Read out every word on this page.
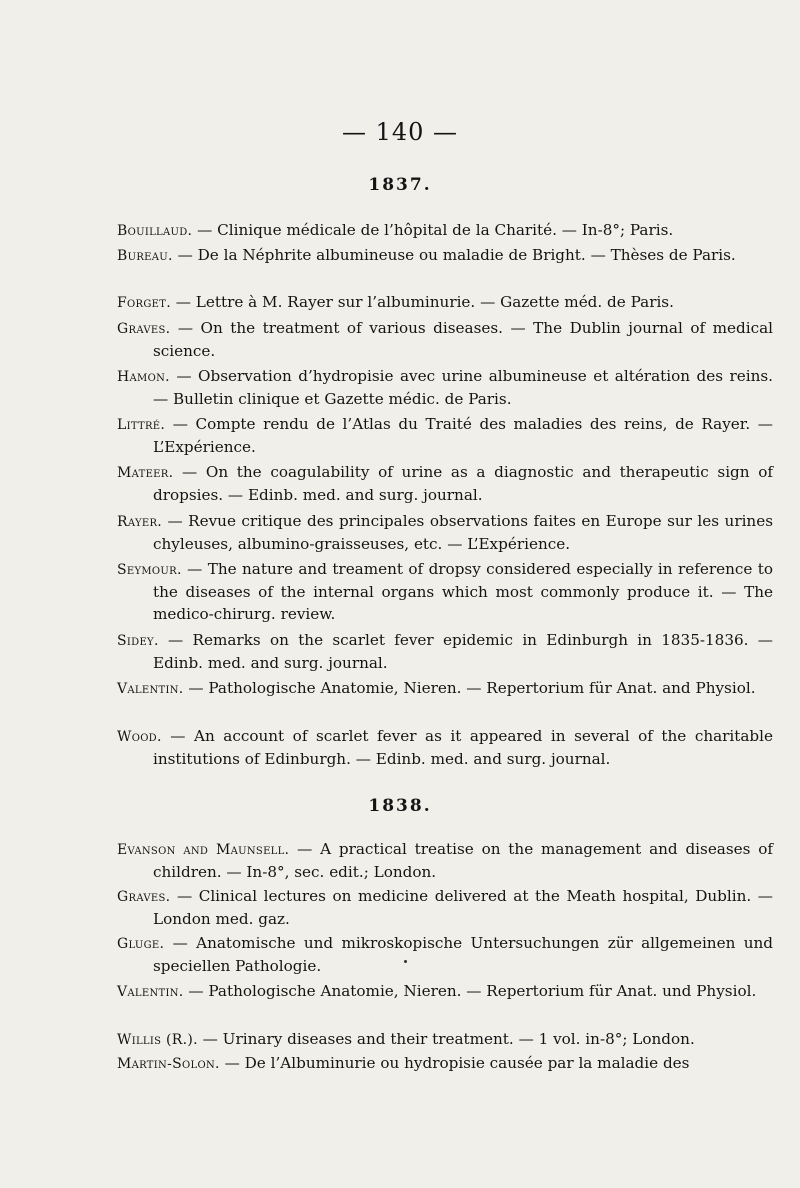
— 140 —
1837.
Bouillaud. — Clinique médicale de l’hôpital de la Charité. — In-8°; Paris.
Bureau. — De la Néphrite albumineuse ou maladie de Bright. — Thèses de Paris.
Forget. — Lettre à M. Rayer sur l’albuminurie. — Gazette méd. de Paris.
Graves. — On the treatment of various diseases. — The Dublin journal of medical science.
Hamon. — Observation d’hydropisie avec urine albumineuse et altération des reins. — Bulletin clinique et Gazette médic. de Paris.
Littré. — Compte rendu de l’Atlas du Traité des maladies des reins, de Rayer. — L’Expérience.
Mateer. — On the coagulability of urine as a diagnostic and therapeutic sign of dropsies. — Edinb. med. and surg. journal.
Rayer. — Revue critique des principales observations faites en Europe sur les urines chyleuses, albumino-graisseuses, etc. — L’Expérience.
Seymour. — The nature and treament of dropsy considered especially in reference to the diseases of the internal organs which most commonly produce it. — The medico-chirurg. review.
Sidey. — Remarks on the scarlet fever epidemic in Edinburgh in 1835-1836. — Edinb. med. and surg. journal.
Valentin. — Pathologische Anatomie, Nieren. — Repertorium für Anat. and Physiol.
Wood. — An account of scarlet fever as it appeared in several of the charitable institutions of Edinburgh. — Edinb. med. and surg. journal.
1838.
Evanson and Maunsell. — A practical treatise on the management and diseases of children. — In-8°, sec. edit.; London.
Graves. — Clinical lectures on medicine delivered at the Meath hospital, Dublin. — London med. gaz.
Gluge. — Anatomische und mikroskopische Untersuchungen zür allgemeinen und speciellen Pathologie.
Valentin. — Pathologische Anatomie, Nieren. — Repertorium für Anat. und Physiol.
Willis (R.). — Urinary diseases and their treatment. — 1 vol. in-8°; London.
Martin-Solon. — De l’Albuminurie ou hydropisie causée par la maladie des
